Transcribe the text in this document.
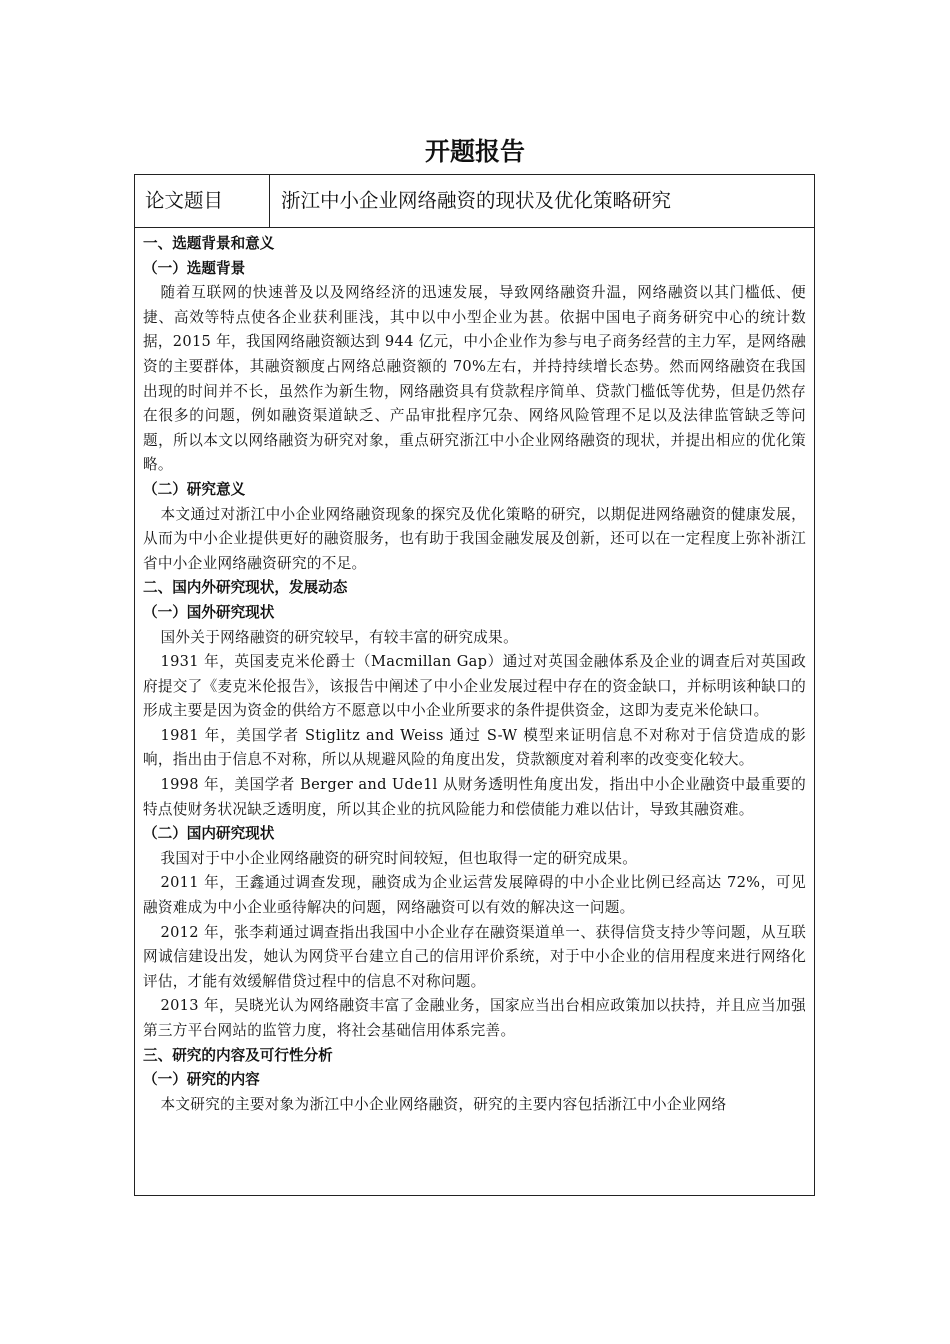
开题报告
论文题目	浙江中小企业网络融资的现状及优化策略研究

一、选题背景和意义

（一）选题背景

随着互联网的快速普及以及网络经济的迅速发展，导致网络融资升温，网络融资以其门槛低、便捷、高效等特点使各企业获利匪浅，其中以中小型企业为甚。依据中国电子商务研究中心的统计数据，2015 年，我国网络融资额达到 944 亿元，中小企业作为参与电子商务经营的主力军，是网络融资的主要群体，其融资额度占网络总融资额的 70%左右，并持持续增长态势。然而网络融资在我国出现的时间并不长，虽然作为新生物，网络融资具有贷款程序简单、贷款门槛低等优势，但是仍然存在很多的问题，例如融资渠道缺乏、产品审批程序冗杂、网络风险管理不足以及法律监管缺乏等问题，所以本文以网络融资为研究对象，重点研究浙江中小企业网络融资的现状，并提出相应的优化策略。

（二）研究意义

本文通过对浙江中小企业网络融资现象的探究及优化策略的研究，以期促进网络融资的健康发展，从而为中小企业提供更好的融资服务，也有助于我国金融发展及创新，还可以在一定程度上弥补浙江省中小企业网络融资研究的不足。

二、国内外研究现状，发展动态

（一）国外研究现状

国外关于网络融资的研究较早，有较丰富的研究成果。

1931 年，英国麦克米伦爵士（Macmillan Gap）通过对英国金融体系及企业的调查后对英国政府提交了《麦克米伦报告》，该报告中阐述了中小企业发展过程中存在的资金缺口，并标明该种缺口的形成主要是因为资金的供给方不愿意以中小企业所要求的条件提供资金，这即为麦克米伦缺口。

1981 年，美国学者 Stiglitz and Weiss 通过 S-W 模型来证明信息不对称对于信贷造成的影响，指出由于信息不对称，所以从规避风险的角度出发，贷款额度对着利率的改变变化较大。

1998 年，美国学者 Berger and Ude1l 从财务透明性角度出发，指出中小企业融资中最重要的特点使财务状况缺乏透明度，所以其企业的抗风险能力和偿债能力难以估计，导致其融资难。

（二）国内研究现状

我国对于中小企业网络融资的研究时间较短，但也取得一定的研究成果。

2011 年，王鑫通过调查发现，融资成为企业运营发展障碍的中小企业比例已经高达 72%，可见融资难成为中小企业亟待解决的问题，网络融资可以有效的解决这一问题。

2012 年，张李莉通过调查指出我国中小企业存在融资渠道单一、获得信贷支持少等问题，从互联网诚信建设出发，她认为网贷平台建立自己的信用评价系统，对于中小企业的信用程度来进行网络化评估，才能有效缓解借贷过程中的信息不对称问题。

2013 年，吴晓光认为网络融资丰富了金融业务，国家应当出台相应政策加以扶持，并且应当加强第三方平台网站的监管力度，将社会基础信用体系完善。

三、研究的内容及可行性分析

（一）研究的内容

本文研究的主要对象为浙江中小企业网络融资，研究的主要内容包括浙江中小企业网络
